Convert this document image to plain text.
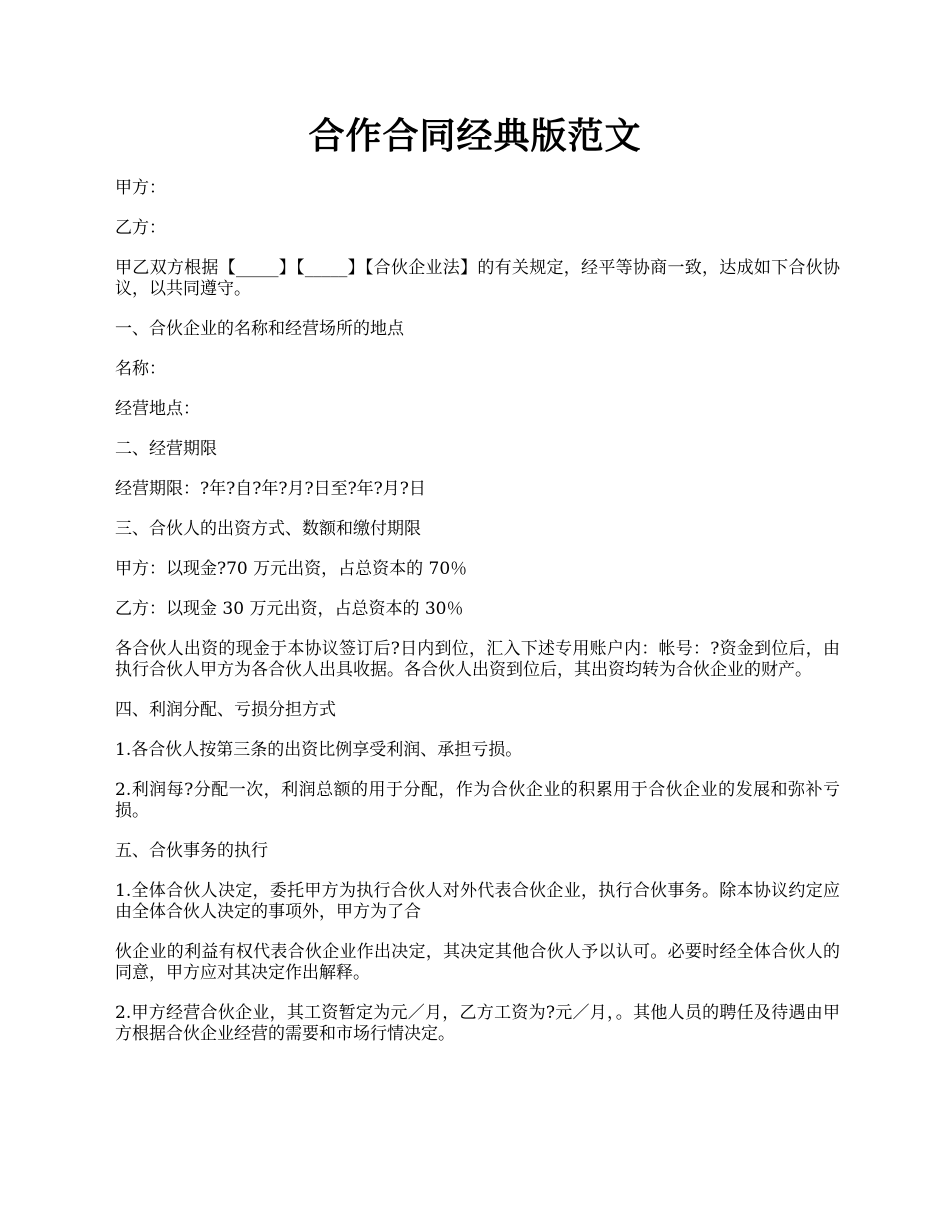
合作合同经典版范文

甲方：

乙方：

甲乙双方根据【_____】【_____】【合伙企业法】的有关规定，经平等协商一致，达成如下合伙协议，以共同遵守。

一、合伙企业的名称和经营场所的地点

名称：

经营地点：

二、经营期限

经营期限：?年?自?年?月?日至?年?月?日

三、合伙人的出资方式、数额和缴付期限

甲方：以现金?70 万元出资，占总资本的 70％

乙方：以现金 30 万元出资，占总资本的 30％

各合伙人出资的现金于本协议签订后?日内到位，汇入下述专用账户内：帐号：?资金到位后，由执行合伙人甲方为各合伙人出具收据。各合伙人出资到位后，其出资均转为合伙企业的财产。

四、利润分配、亏损分担方式

1.各合伙人按第三条的出资比例享受利润、承担亏损。

2.利润每?分配一次，利润总额的用于分配，作为合伙企业的积累用于合伙企业的发展和弥补亏损。

五、合伙事务的执行

1.全体合伙人决定，委托甲方为执行合伙人对外代表合伙企业，执行合伙事务。除本协议约定应由全体合伙人决定的事项外，甲方为了合

伙企业的利益有权代表合伙企业作出决定，其决定其他合伙人予以认可。必要时经全体合伙人的同意，甲方应对其决定作出解释。

2.甲方经营合伙企业，其工资暂定为元／月，乙方工资为?元／月，。其他人员的聘任及待遇由甲方根据合伙企业经营的需要和市场行情决定。
